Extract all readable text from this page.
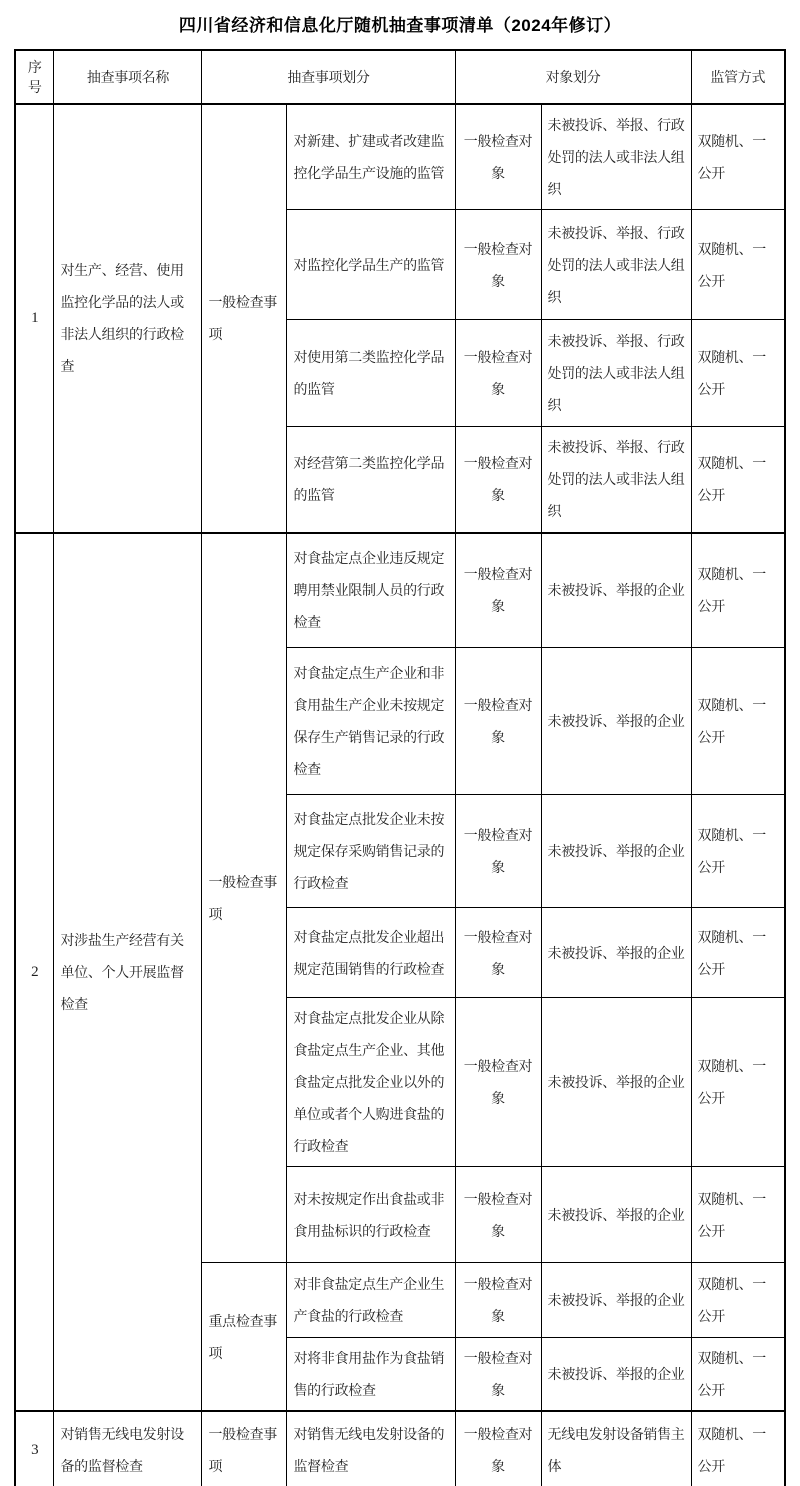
四川省经济和信息化厅随机抽查事项清单（2024年修订）
序号	抽查事项名称	抽查事项划分		对象划分		监管方式
1	对生产、经营、使用监控化学品的法人或非法人组织的行政检查	一般检查事项	对新建、扩建或者改建监控化学品生产设施的监管	一般检查对象	未被投诉、举报、行政处罚的法人或非法人组织	双随机、一公开
			对监控化学品生产的监管	一般检查对象	未被投诉、举报、行政处罚的法人或非法人组织	双随机、一公开
			对使用第二类监控化学品的监管	一般检查对象	未被投诉、举报、行政处罚的法人或非法人组织	双随机、一公开
			对经营第二类监控化学品的监管	一般检查对象	未被投诉、举报、行政处罚的法人或非法人组织	双随机、一公开
2	对涉盐生产经营有关单位、个人开展监督检查	一般检查事项	对食盐定点企业违反规定聘用禁业限制人员的行政检查	一般检查对象	未被投诉、举报的企业	双随机、一公开
			对食盐定点生产企业和非食用盐生产企业未按规定保存生产销售记录的行政检查	一般检查对象	未被投诉、举报的企业	双随机、一公开
			对食盐定点批发企业未按规定保存采购销售记录的行政检查	一般检查对象	未被投诉、举报的企业	双随机、一公开
			对食盐定点批发企业超出规定范围销售的行政检查	一般检查对象	未被投诉、举报的企业	双随机、一公开
			对食盐定点批发企业从除食盐定点生产企业、其他食盐定点批发企业以外的单位或者个人购进食盐的行政检查	一般检查对象	未被投诉、举报的企业	双随机、一公开
			对未按规定作出食盐或非食用盐标识的行政检查	一般检查对象	未被投诉、举报的企业	双随机、一公开
		重点检查事项	对非食盐定点生产企业生产食盐的行政检查	一般检查对象	未被投诉、举报的企业	双随机、一公开
			对将非食用盐作为食盐销售的行政检查	一般检查对象	未被投诉、举报的企业	双随机、一公开
3	对销售无线电发射设备的监督检查	一般检查事项	对销售无线电发射设备的监督检查	一般检查对象	无线电发射设备销售主体	双随机、一公开
